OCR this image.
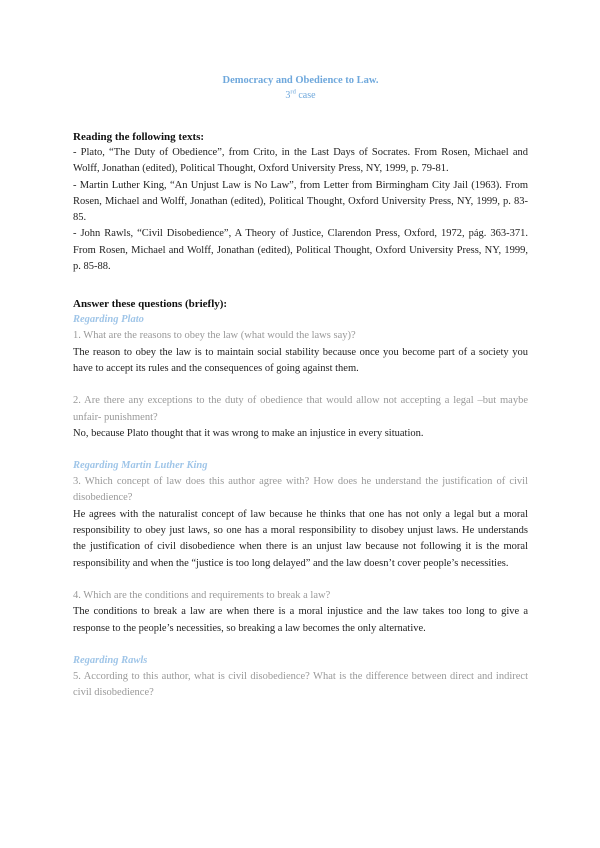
Democracy and Obedience to Law.
3rd case
Reading the following texts:

- Plato, “The Duty of Obedience”, from Crito, in the Last Days of Socrates. From Rosen, Michael and Wolff, Jonathan (edited), Political Thought, Oxford University Press, NY, 1999, p. 79-81.

- Martin Luther King, “An Unjust Law is No Law”, from Letter from Birmingham City Jail (1963). From Rosen, Michael and Wolff, Jonathan (edited), Political Thought, Oxford University Press, NY, 1999, p. 83-85.

- John Rawls, “Civil Disobedience”, A Theory of Justice, Clarendon Press, Oxford, 1972, pág. 363-371. From Rosen, Michael and Wolff, Jonathan (edited), Political Thought, Oxford University Press, NY, 1999, p. 85-88.

Answer these questions (briefly):
Regarding Plato
1. What are the reasons to obey the law (what would the laws say)?
The reason to obey the law is to maintain social stability because once you become part of a society you have to accept its rules and the consequences of going against them.
2. Are there any exceptions to the duty of obedience that would allow not accepting a legal –but maybe unfair- punishment?
No, because Plato thought that it was wrong to make an injustice in every situation.
Regarding Martin Luther King
3. Which concept of law does this author agree with? How does he understand the justification of civil disobedience?
He agrees with the naturalist concept of law because he thinks that one has not only a legal but a moral responsibility to obey just laws, so one has a moral responsibility to disobey unjust laws. He understands the justification of civil disobedience when there is an unjust law because not following it is the moral responsibility and when the “justice is too long delayed” and the law doesn’t cover people’s necessities.
4. Which are the conditions and requirements to break a law?
The conditions to break a law are when there is a moral injustice and the law takes too long to give a response to the people’s necessities, so breaking a law becomes the only alternative.
Regarding Rawls
5. According to this author, what is civil disobedience? What is the difference between direct and indirect civil disobedience?
